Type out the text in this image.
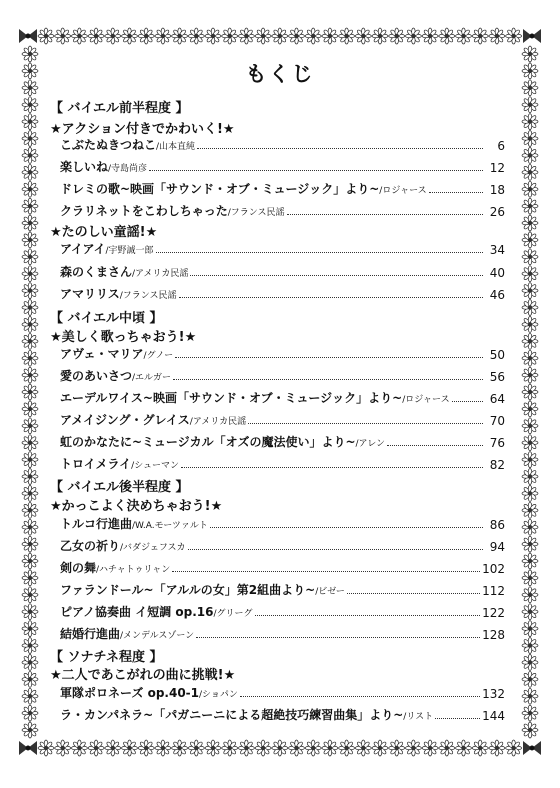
もくじ
【 バイエル前半程度 】
★アクション付きでかわいく!★
こぶたぬきつねこ/山本直純	6
楽しいね/寺島尚彦	12
ドレミの歌~映画「サウンド・オブ・ミュージック」より~/ロジャース	18
クラリネットをこわしちゃった/フランス民謡	26
★たのしい童謡!★
アイアイ/宇野誠一郎	34
森のくまさん/アメリカ民謡	40
アマリリス/フランス民謡	46
【 バイエル中頃 】
★美しく歌っちゃおう!★
アヴェ・マリア/グノー	50
愛のあいさつ/エルガー	56
エーデルワイス~映画「サウンド・オブ・ミュージック」より~/ロジャース	64
アメイジング・グレイス/アメリカ民謡	70
虹のかなたに~ミュージカル「オズの魔法使い」より~/アレン	76
トロイメライ/シューマン	82
【 バイエル後半程度 】
★かっこよく決めちゃおう!★
トルコ行進曲/W.A.モーツァルト	86
乙女の祈り/バダジェフスカ	94
剣の舞/ハチャトゥリャン	102
ファランドール~「アルルの女」第2組曲より~/ビゼー	112
ピアノ協奏曲 イ短調 op.16/グリーグ	122
結婚行進曲/メンデルスゾーン	128
【 ソナチネ程度 】
★二人であこがれの曲に挑戦!★
軍隊ポロネーズ op.40-1/ショパン	132
ラ・カンパネラ~「パガニーニによる超絶技巧練習曲集」より~/リスト	144
